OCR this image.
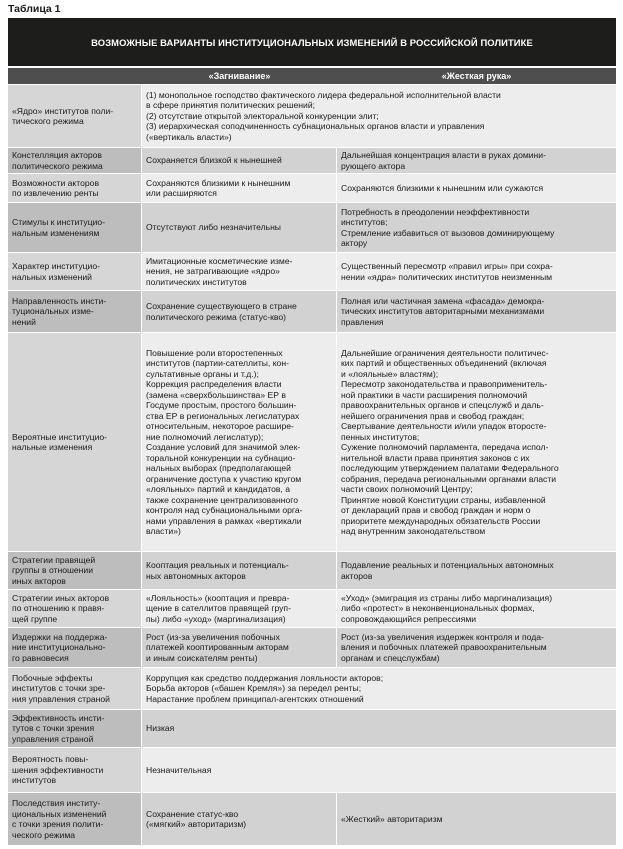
Таблица 1
ВОЗМОЖНЫЕ ВАРИАНТЫ ИНСТИТУЦИОНАЛЬНЫХ ИЗМЕНЕНИЙ В РОССИЙСКОЙ ПОЛИТИКЕ
«Загнивание»	«Жесткая рука»
«Ядро» институтов поли-
тического режима
(1) монопольное господство фактического лидера федеральной исполнительной власти
в сфере принятия политических решений;
(2) отсутствие открытой электоральной конкуренции элит;
(3) иерархическая соподчиненность субнациональных органов власти и управления
(«вертикаль власти»)
Констелляция акторов
политического режима
Сохраняется близкой к нынешней
Дальнейшая концентрация власти в руках домини-
рующего актора
Возможности акторов
по извлечению ренты
Сохраняются близкими к нынешним
или расширяются
Сохраняются близкими к нынешним или сужаются
Стимулы к институцио-
нальным изменениям
Отсутствуют либо незначительны
Потребность в преодолении неэффективности
институтов;
Стремление избавиться от вызовов доминирующему
актору
Характер институцио-
нальных изменений
Имитационные косметические изме-
нения, не затрагивающие «ядро»
политических институтов
Существенный пересмотр «правил игры» при сохра-
нении «ядра» политических институтов неизменным
Направленность инсти-
туциональных изме-
нений
Сохранение существующего в стране
политического режима (статус-кво)
Полная или частичная замена «фасада» демокра-
тических институтов авторитарными механизмами
правления
Вероятные институцио-
нальные изменения
Повышение роли второстепенных
институтов (партии-сателлиты, кон-
сультативные органы и т.д.);
Коррекция распределения власти
(замена «сверхбольшинства» ЕР в
Госдуме простым, простого большин-
ства ЕР в региональных легислатурах
относительным, некоторое расшире-
ние полномочий легислатур);
Создание условий для значимой элек-
торальной конкуренции на субнацио-
нальных выборах (предполагающей
ограничение доступа к участию кругом
«лояльных» партий и кандидатов, а
также сохранение централизованного
контроля над субнациональными орга-
нами управления в рамках «вертикали
власти»)
Дальнейшие ограничения деятельности политичес-
ких партий и общественных объединений (включая
и «лояльные» властям);
Пересмотр законодательства и правоприменитель-
ной практики в части расширения полномочий
правоохранительных органов и спецслужб и даль-
нейшего ограничения прав и свобод граждан;
Свертывание деятельности и/или упадок второсте-
пенных институтов;
Сужение полномочий парламента, передача испол-
нительной власти права принятия законов с их
последующим утверждением палатами Федерального
собрания, передача региональными органами власти
части своих полномочий Центру;
Принятие новой Конституции страны, избавленной
от деклараций прав и свобод граждан и норм о
приоритете международных обязательств России
над внутренним законодательством
Стратегии правящей
группы в отношении
иных акторов
Кооптация реальных и потенциаль-
ных автономных акторов
Подавление реальных и потенциальных автономных
акторов
Стратегии иных акторов
по отношению к правя-
щей группе
«Лояльность» (кооптация и превра-
щение в сателлитов правящей груп-
пы) либо «уход» (маргинализация)
«Уход» (эмиграция из страны либо маргинализация)
либо «протест» в неконвенциональных формах,
сопровождающийся репрессиями
Издержки на поддержа-
ние институционально-
го равновесия
Рост (из-за увеличения побочных
платежей кооптированным акторам
и иным соискателям ренты)
Рост (из-за увеличения издержек контроля и пода-
вления и побочных платежей правоохранительным
органам и спецслужбам)
Побочные эффекты
институтов с точки зре-
ния управления страной
Коррупция как средство поддержания лояльности акторов;
Борьба акторов («башен Кремля») за передел ренты;
Нарастание проблем принципал-агентских отношений
Эффективность инсти-
тутов с точки зрения
управления страной
Низкая
Вероятность повы-
шения эффективности
институтов
Незначительная
Последствия институ-
циональных изменений
с точки зрения полити-
ческого режима
Сохранение статус-кво
(«мягкий» авторитаризм)
«Жесткий» авторитаризм
